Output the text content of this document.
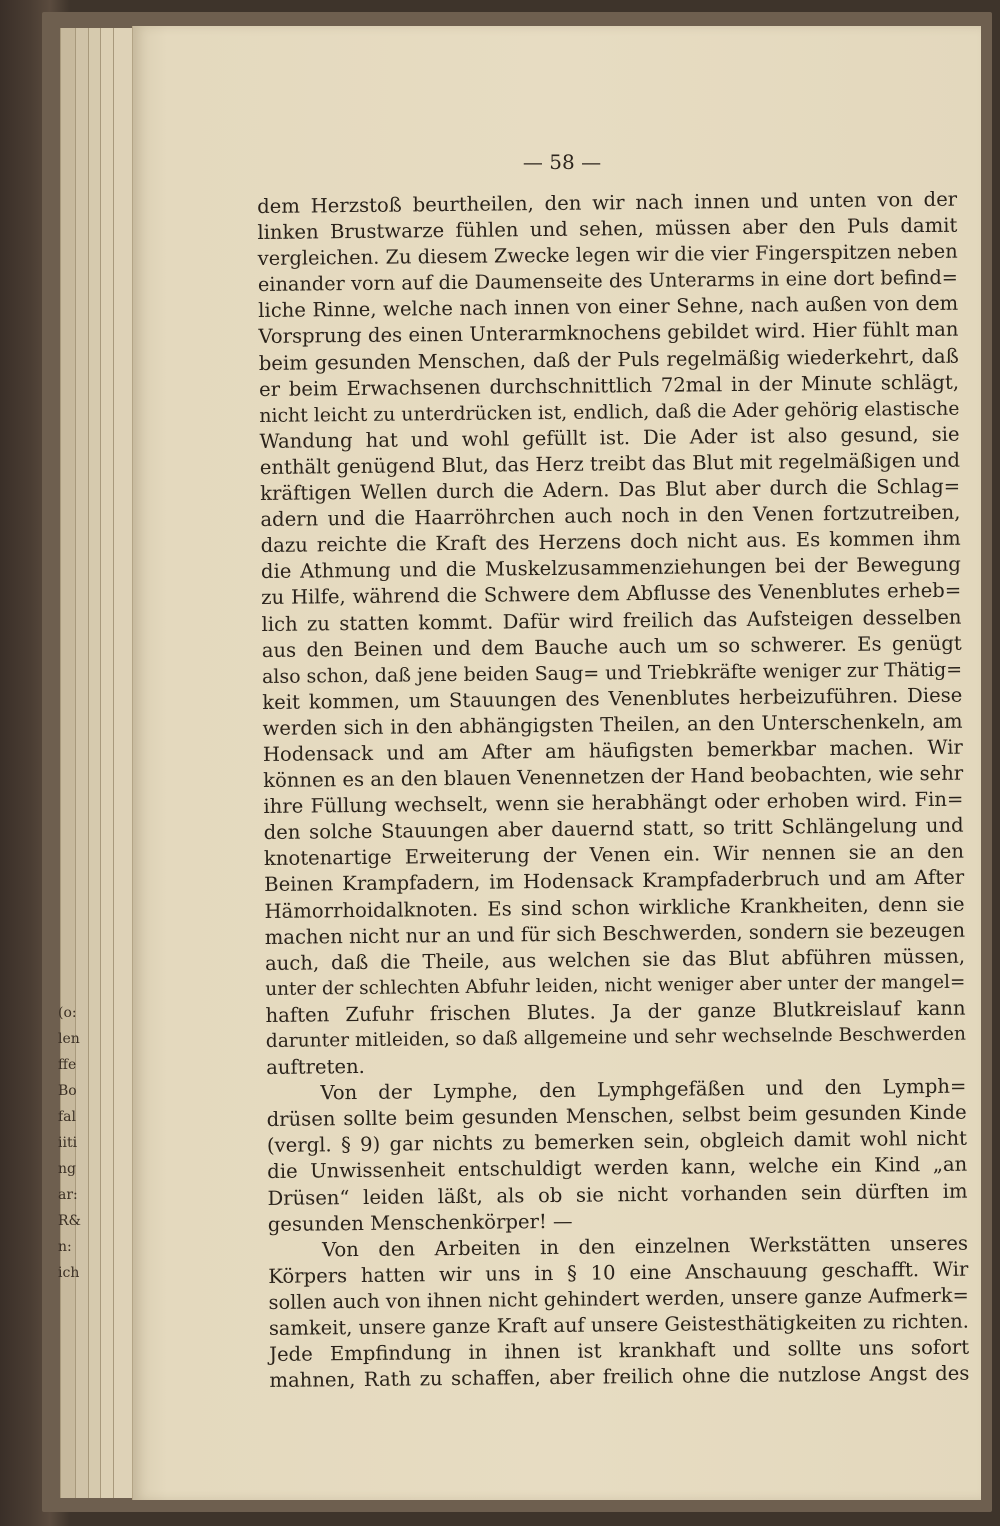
(o:
len
ffe
Bo
fal
iiti
ng
ar:
R&
n:
ich
— 58 —
dem Herzstoß beurtheilen, den wir nach innen und unten von der
linken Brustwarze fühlen und sehen, müssen aber den Puls damit
vergleichen. Zu diesem Zwecke legen wir die vier Fingerspitzen neben
einander vorn auf die Daumenseite des Unterarms in eine dort befind=
liche Rinne, welche nach innen von einer Sehne, nach außen von dem
Vorsprung des einen Unterarmknochens gebildet wird. Hier fühlt man
beim gesunden Menschen, daß der Puls regelmäßig wiederkehrt, daß
er beim Erwachsenen durchschnittlich 72mal in der Minute schlägt,
nicht leicht zu unterdrücken ist, endlich, daß die Ader gehörig elastische
Wandung hat und wohl gefüllt ist. Die Ader ist also gesund, sie
enthält genügend Blut, das Herz treibt das Blut mit regelmäßigen und
kräftigen Wellen durch die Adern. Das Blut aber durch die Schlag=
adern und die Haarröhrchen auch noch in den Venen fortzutreiben,
dazu reichte die Kraft des Herzens doch nicht aus. Es kommen ihm
die Athmung und die Muskelzusammenziehungen bei der Bewegung
zu Hilfe, während die Schwere dem Abflusse des Venenblutes erheb=
lich zu statten kommt. Dafür wird freilich das Aufsteigen desselben
aus den Beinen und dem Bauche auch um so schwerer. Es genügt
also schon, daß jene beiden Saug= und Triebkräfte weniger zur Thätig=
keit kommen, um Stauungen des Venenblutes herbeizuführen. Diese
werden sich in den abhängigsten Theilen, an den Unterschenkeln, am
Hodensack und am After am häufigsten bemerkbar machen. Wir
können es an den blauen Venennetzen der Hand beobachten, wie sehr
ihre Füllung wechselt, wenn sie herabhängt oder erhoben wird. Fin=
den solche Stauungen aber dauernd statt, so tritt Schlängelung und
knotenartige Erweiterung der Venen ein. Wir nennen sie an den
Beinen Krampfadern, im Hodensack Krampfaderbruch und am After
Hämorrhoidalknoten. Es sind schon wirkliche Krankheiten, denn sie
machen nicht nur an und für sich Beschwerden, sondern sie bezeugen
auch, daß die Theile, aus welchen sie das Blut abführen müssen,
unter der schlechten Abfuhr leiden, nicht weniger aber unter der mangel=
haften Zufuhr frischen Blutes. Ja der ganze Blutkreislauf kann
darunter mitleiden, so daß allgemeine und sehr wechselnde Beschwerden
auftreten.
Von der Lymphe, den Lymphgefäßen und den Lymph=
drüsen sollte beim gesunden Menschen, selbst beim gesunden Kinde
(vergl. § 9) gar nichts zu bemerken sein, obgleich damit wohl nicht
die Unwissenheit entschuldigt werden kann, welche ein Kind „an
Drüsen“ leiden läßt, als ob sie nicht vorhanden sein dürften im
gesunden Menschenkörper! —
Von den Arbeiten in den einzelnen Werkstätten unseres
Körpers hatten wir uns in § 10 eine Anschauung geschafft. Wir
sollen auch von ihnen nicht gehindert werden, unsere ganze Aufmerk=
samkeit, unsere ganze Kraft auf unsere Geistesthätigkeiten zu richten.
Jede Empfindung in ihnen ist krankhaft und sollte uns sofort
mahnen, Rath zu schaffen, aber freilich ohne die nutzlose Angst des
